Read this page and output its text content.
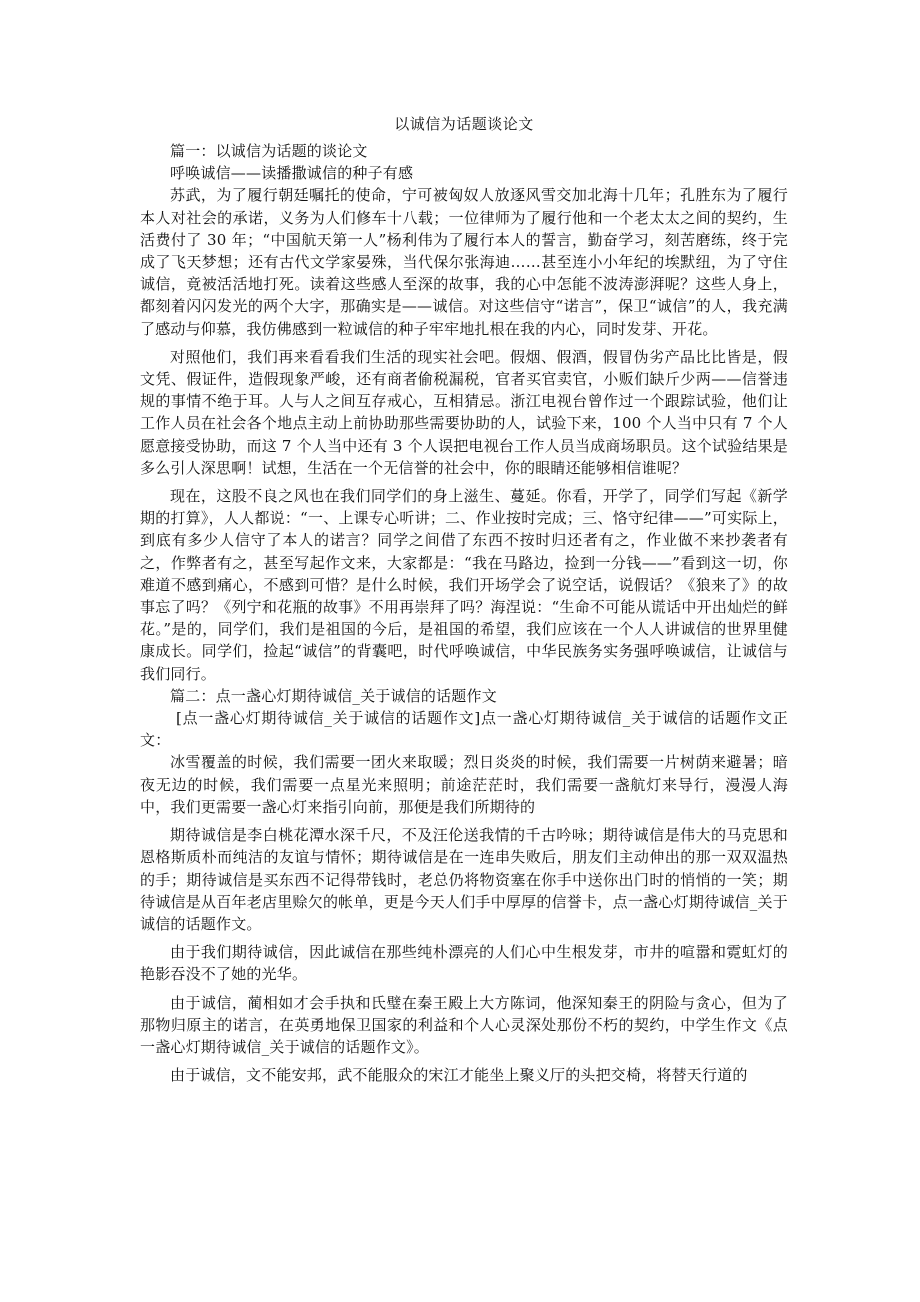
以诚信为话题谈论文

篇一：以诚信为话题的谈论文

呼唤诚信——读播撒诚信的种子有感

苏武，为了履行朝廷嘱托的使命，宁可被匈奴人放逐风雪交加北海十几年；孔胜东为了履行本人对社会的承诺，义务为人们修车十八载；一位律师为了履行他和一个老太太之间的契约，生活费付了 30 年；“中国航天第一人”杨利伟为了履行本人的誓言，勤奋学习，刻苦磨练，终于完成了飞天梦想；还有古代文学家晏殊，当代保尔张海迪……甚至连小小年纪的埃默纽，为了守住诚信，竟被活活地打死。读着这些感人至深的故事，我的心中怎能不波涛澎湃呢？这些人身上，都刻着闪闪发光的两个大字，那确实是——诚信。对这些信守“诺言”，保卫“诚信”的人，我充满了感动与仰慕，我仿佛感到一粒诚信的种子牢牢地扎根在我的内心，同时发芽、开花。

对照他们，我们再来看看我们生活的现实社会吧。假烟、假酒，假冒伪劣产品比比皆是，假文凭、假证件，造假现象严峻，还有商者偷税漏税，官者买官卖官，小贩们缺斤少两——信誉违规的事情不绝于耳。人与人之间互存戒心，互相猜忌。浙江电视台曾作过一个跟踪试验，他们让工作人员在社会各个地点主动上前协助那些需要协助的人，试验下来，100 个人当中只有 7 个人愿意接受协助，而这 7 个人当中还有 3 个人误把电视台工作人员当成商场职员。这个试验结果是多么引人深思啊！试想，生活在一个无信誉的社会中，你的眼睛还能够相信谁呢？

现在，这股不良之风也在我们同学们的身上滋生、蔓延。你看，开学了，同学们写起《新学期的打算》，人人都说：“一、上课专心听讲；二、作业按时完成；三、恪守纪律——”可实际上，到底有多少人信守了本人的诺言？同学之间借了东西不按时归还者有之，作业做不来抄袭者有之，作弊者有之，甚至写起作文来，大家都是：“我在马路边，捡到一分钱——”看到这一切，你难道不感到痛心，不感到可惜？是什么时候，我们开场学会了说空话，说假话？《狼来了》的故事忘了吗？《列宁和花瓶的故事》不用再崇拜了吗？海涅说：“生命不可能从谎话中开出灿烂的鲜花。”是的，同学们，我们是祖国的今后，是祖国的希望，我们应该在一个人人讲诚信的世界里健康成长。同学们，捡起“诚信”的背囊吧，时代呼唤诚信，中华民族务实务强呼唤诚信，让诚信与我们同行。

篇二：点一盏心灯期待诚信_关于诚信的话题作文

[点一盏心灯期待诚信_关于诚信的话题作文]点一盏心灯期待诚信_关于诚信的话题作文正文：

冰雪覆盖的时候，我们需要一团火来取暖；烈日炎炎的时候，我们需要一片树荫来避暑；暗夜无边的时候，我们需要一点星光来照明；前途茫茫时，我们需要一盏航灯来导行，漫漫人海中，我们更需要一盏心灯来指引向前，那便是我们所期待的

期待诚信是李白桃花潭水深千尺，不及汪伦送我情的千古吟咏；期待诚信是伟大的马克思和恩格斯质朴而纯洁的友谊与情怀；期待诚信是在一连串失败后，朋友们主动伸出的那一双双温热的手；期待诚信是买东西不记得带钱时，老总仍将物资塞在你手中送你出门时的悄悄的一笑；期待诚信是从百年老店里赊欠的帐单，更是今天人们手中厚厚的信誉卡，点一盏心灯期待诚信_关于诚信的话题作文。

由于我们期待诚信，因此诚信在那些纯朴漂亮的人们心中生根发芽，市井的喧嚣和霓虹灯的艳影吞没不了她的光华。

由于诚信，蔺相如才会手执和氏璧在秦王殿上大方陈词，他深知秦王的阴险与贪心，但为了那物归原主的诺言，在英勇地保卫国家的利益和个人心灵深处那份不朽的契约，中学生作文《点一盏心灯期待诚信_关于诚信的话题作文》。

由于诚信，文不能安邦，武不能服众的宋江才能坐上聚义厅的头把交椅，将替天行道的
